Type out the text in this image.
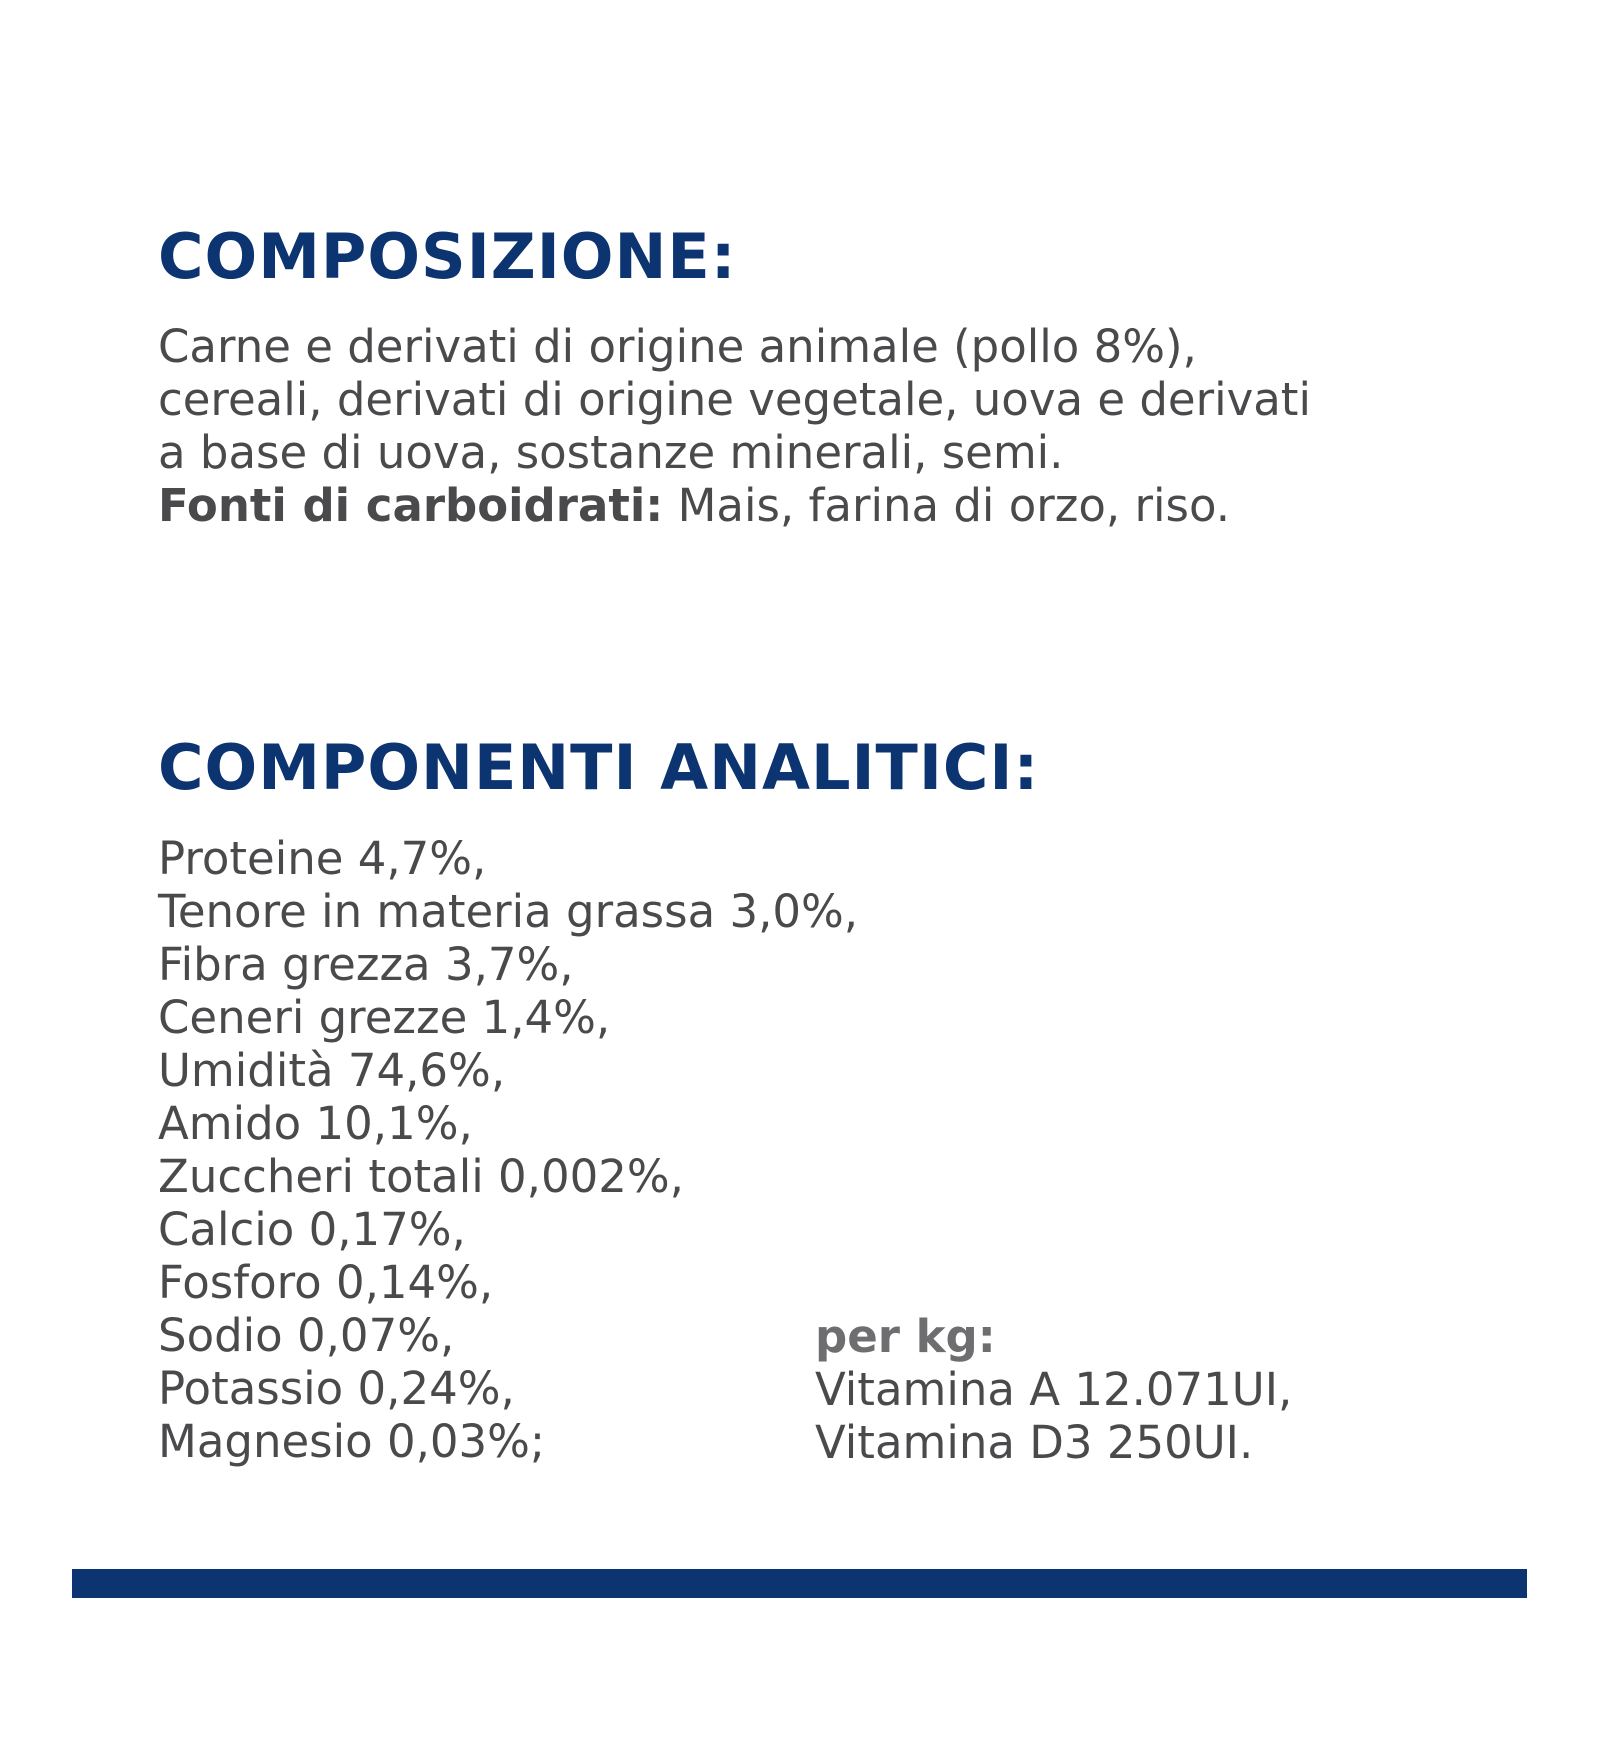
COMPOSIZIONE:
Carne e derivati di origine animale (pollo 8%),
cereali, derivati di origine vegetale, uova e derivati
a base di uova, sostanze minerali, semi.
Fonti di carboidrati: Mais, farina di orzo, riso.
COMPONENTI ANALITICI:
Proteine 4,7%,
Tenore in materia grassa 3,0%,
Fibra grezza 3,7%,
Ceneri grezze 1,4%,
Umidità 74,6%,
Amido 10,1%,
Zuccheri totali 0,002%,
Calcio 0,17%,
Fosforo 0,14%,
Sodio 0,07%,
Potassio 0,24%,
Magnesio 0,03%;
per kg:
Vitamina A 12.071UI,
Vitamina D3 250UI.
